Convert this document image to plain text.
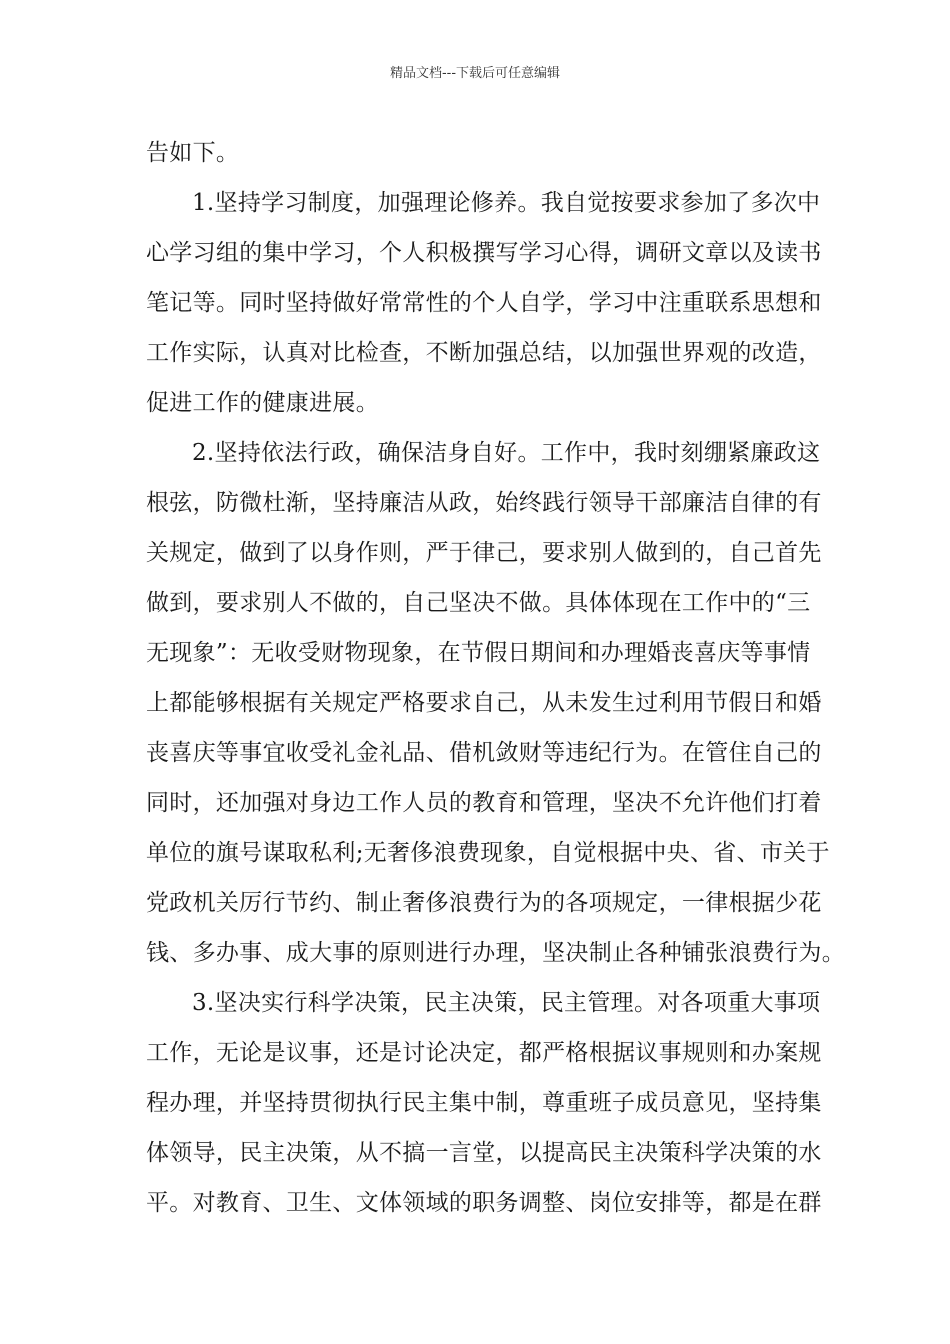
精品文档---下载后可任意编辑
告如下。
1.坚持学习制度，加强理论修养。我自觉按要求参加了多次中
心学习组的集中学习，个人积极撰写学习心得，调研文章以及读书
笔记等。同时坚持做好常常性的个人自学，学习中注重联系思想和
工作实际，认真对比检查，不断加强总结，以加强世界观的改造，
促进工作的健康进展。
2.坚持依法行政，确保洁身自好。工作中，我时刻绷紧廉政这
根弦，防微杜渐，坚持廉洁从政，始终践行领导干部廉洁自律的有
关规定，做到了以身作则，严于律己，要求别人做到的，自己首先
做到，要求别人不做的，自己坚决不做。具体体现在工作中的“三
无现象”：无收受财物现象，在节假日期间和办理婚丧喜庆等事情
上都能够根据有关规定严格要求自己，从未发生过利用节假日和婚
丧喜庆等事宜收受礼金礼品、借机敛财等违纪行为。在管住自己的
同时，还加强对身边工作人员的教育和管理，坚决不允许他们打着
单位的旗号谋取私利;无奢侈浪费现象，自觉根据中央、省、市关于
党政机关厉行节约、制止奢侈浪费行为的各项规定，一律根据少花
钱、多办事、成大事的原则进行办理，坚决制止各种铺张浪费行为。
3.坚决实行科学决策，民主决策，民主管理。对各项重大事项
工作，无论是议事，还是讨论决定，都严格根据议事规则和办案规
程办理，并坚持贯彻执行民主集中制，尊重班子成员意见，坚持集
体领导，民主决策，从不搞一言堂，以提高民主决策科学决策的水
平。对教育、卫生、文体领域的职务调整、岗位安排等，都是在群
